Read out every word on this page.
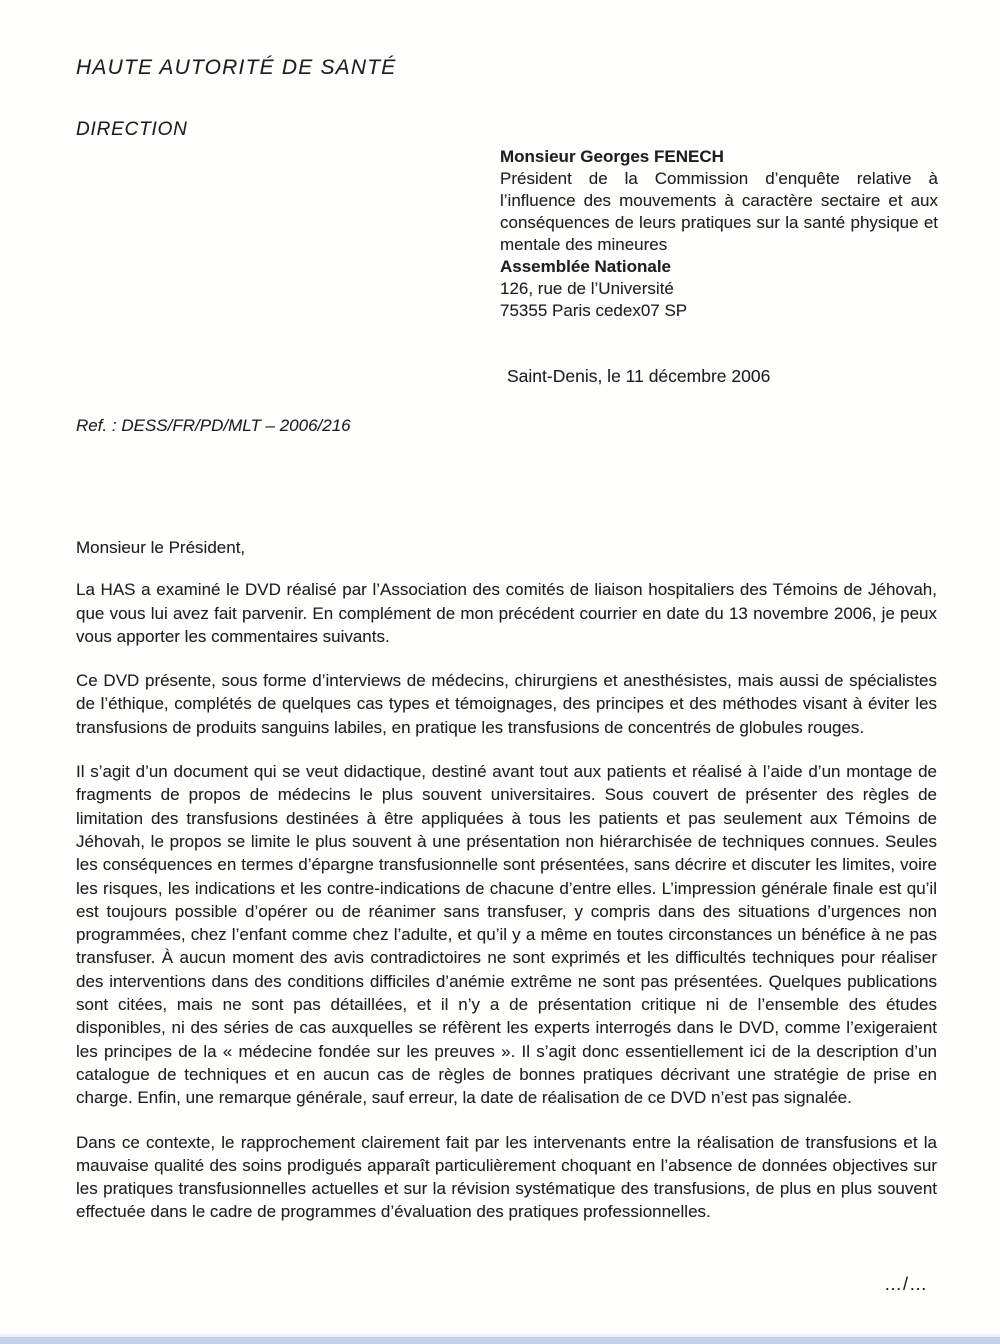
HAUTE AUTORITÉ DE SANTÉ
DIRECTION
Monsieur Georges FENECH
Président de la Commission d’enquête relative à l’influence des mouvements à caractère sectaire et aux conséquences de leurs pratiques sur la santé physique et mentale des mineures
Assemblée Nationale
126, rue de l’Université
75355 Paris cedex07 SP
Saint-Denis, le 11 décembre 2006
Ref. : DESS/FR/PD/MLT – 2006/216

Monsieur le Président,

La HAS a examiné le DVD réalisé par l’Association des comités de liaison hospitaliers des Témoins de Jéhovah, que vous lui avez fait parvenir. En complément de mon précédent courrier en date du 13 novembre 2006, je peux vous apporter les commentaires suivants.

Ce DVD présente, sous forme d’interviews de médecins, chirurgiens et anesthésistes, mais aussi de spécialistes de l’éthique, complétés de quelques cas types et témoignages, des principes et des méthodes visant à éviter les transfusions de produits sanguins labiles, en pratique les transfusions de concentrés de globules rouges.

Il s’agit d’un document qui se veut didactique, destiné avant tout aux patients et réalisé à l’aide d’un montage de fragments de propos de médecins le plus souvent universitaires. Sous couvert de présenter des règles de limitation des transfusions destinées à être appliquées à tous les patients et pas seulement aux Témoins de Jéhovah, le propos se limite le plus souvent à une présentation non hiérarchisée de techniques connues. Seules les conséquences en termes d’épargne transfusionnelle sont présentées, sans décrire et discuter les limites, voire les risques, les indications et les contre-indications de chacune d’entre elles. L’impression générale finale est qu’il est toujours possible d’opérer ou de réanimer sans transfuser, y compris dans des situations d’urgences non programmées, chez l’enfant comme chez l’adulte, et qu’il y a même en toutes circonstances un bénéfice à ne pas transfuser. À aucun moment des avis contradictoires ne sont exprimés et les difficultés techniques pour réaliser des interventions dans des conditions difficiles d’anémie extrême ne sont pas présentées. Quelques publications sont citées, mais ne sont pas détaillées, et il n’y a de présentation critique ni de l’ensemble des études disponibles, ni des séries de cas auxquelles se réfèrent les experts interrogés dans le DVD, comme l’exigeraient les principes de la « médecine fondée sur les preuves ». Il s’agit donc essentiellement ici de la description d’un catalogue de techniques et en aucun cas de règles de bonnes pratiques décrivant une stratégie de prise en charge. Enfin, une remarque générale, sauf erreur, la date de réalisation de ce DVD n’est pas signalée.

Dans ce contexte, le rapprochement clairement fait par les intervenants entre la réalisation de transfusions et la mauvaise qualité des soins prodigués apparaît particulièrement choquant en l’absence de données objectives sur les pratiques transfusionnelles actuelles et sur la révision systématique des transfusions, de plus en plus souvent effectuée dans le cadre de programmes d’évaluation des pratiques professionnelles.

…/…
